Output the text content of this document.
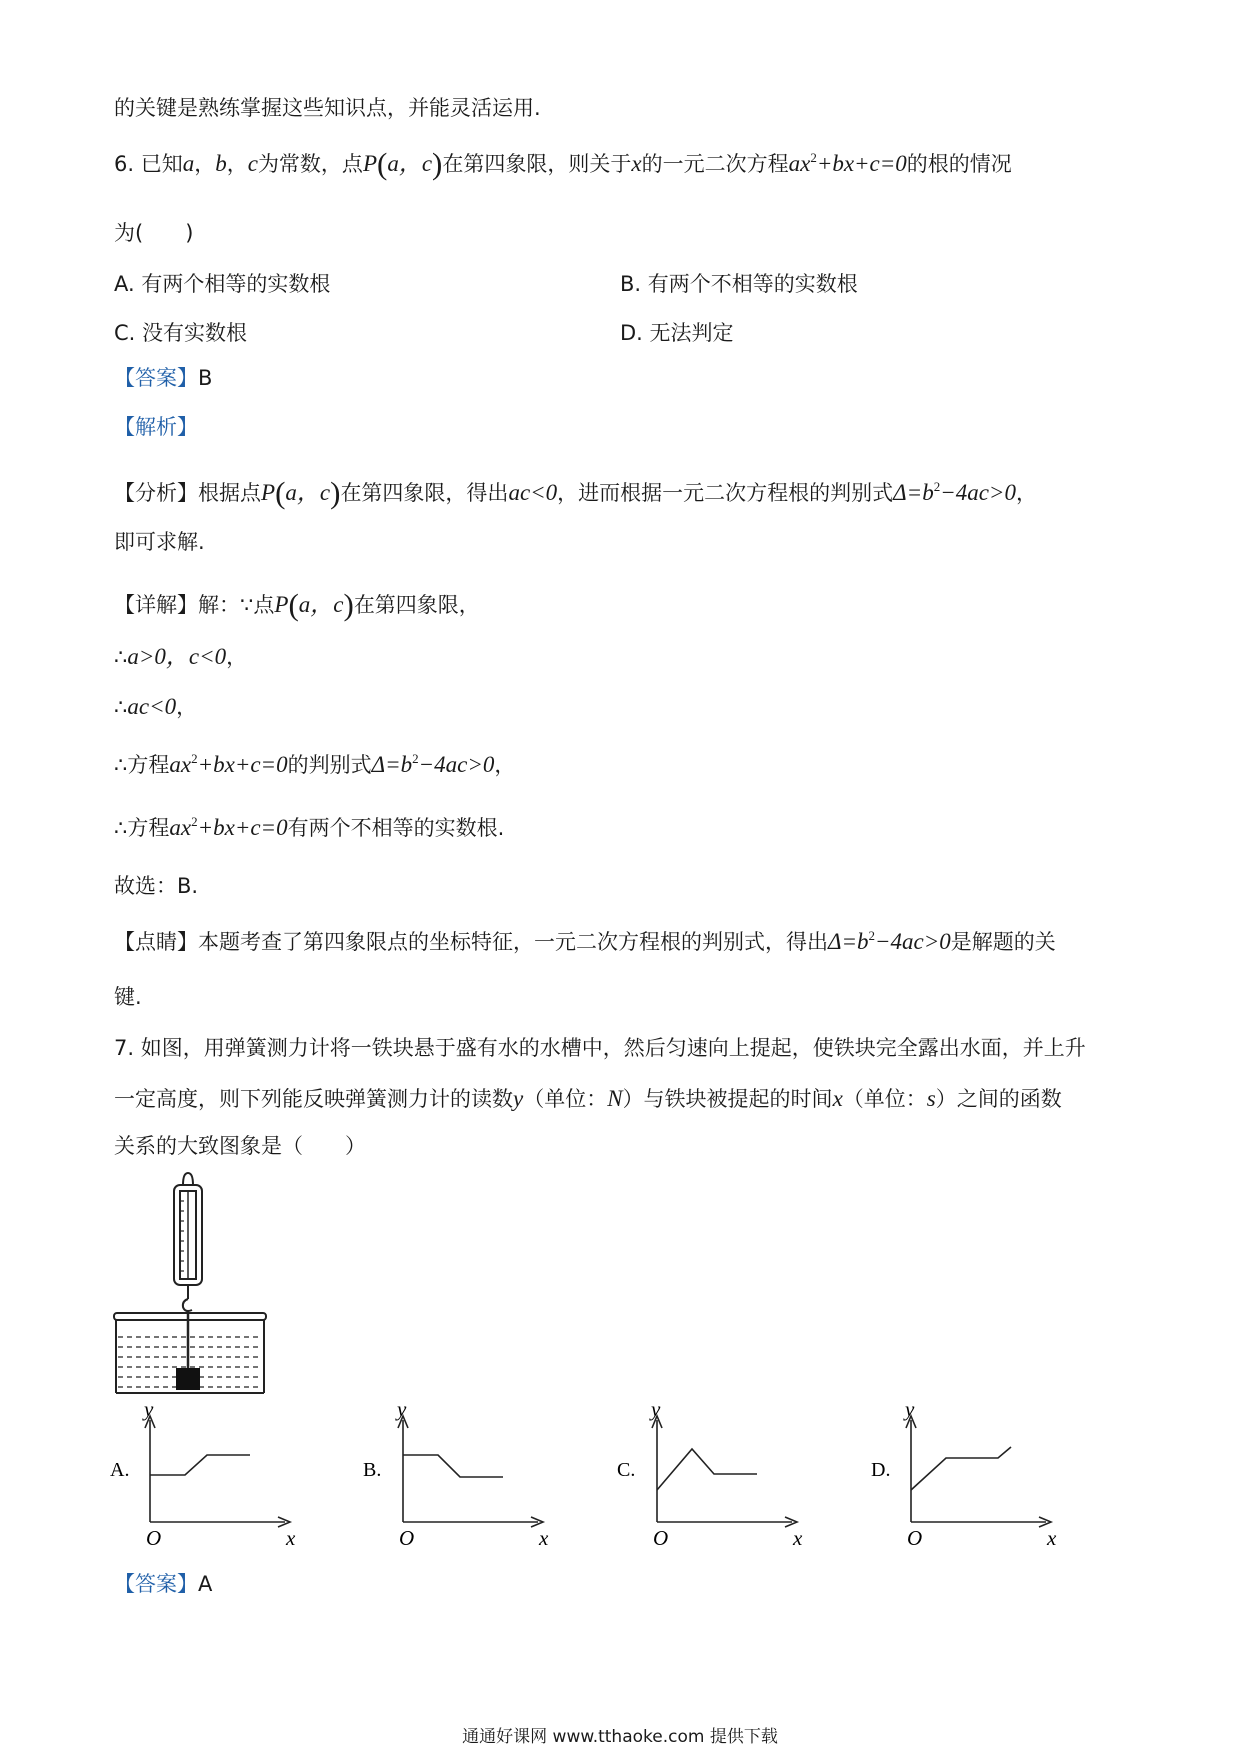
的关键是熟练掌握这些知识点，并能灵活运用.
6. 已知a，b，c为常数，点P(a，c)在第四象限，则关于x的一元二次方程$ax^2+bx+c=0$的根的情况
为(　　)
A. 有两个相等的实数根	B. 有两个不相等的实数根
C. 没有实数根	D. 无法判定
【答案】B
【解析】
【分析】根据点P(a，c)在第四象限，得出ac<0，进而根据一元二次方程根的判别式$\Delta=b^2-4ac>0$，
即可求解.
【详解】解：∵点P(a，c)在第四象限，
∴a>0，c<0，
∴ac<0，
∴方程$ax^2+bx+c=0$的判别式$\Delta=b^2-4ac>0$，
∴方程$ax^2+bx+c=0$有两个不相等的实数根.
故选：B.
【点睛】本题考查了第四象限点的坐标特征，一元二次方程根的判别式，得出$\Delta=b^2-4ac>0$是解题的关
键.
7. 如图，用弹簧测力计将一铁块悬于盛有水的水槽中，然后匀速向上提起，使铁块完全露出水面，并上升
一定高度，则下列能反映弹簧测力计的读数y（单位：N）与铁块被提起的时间x（单位：s）之间的函数
关系的大致图象是（　　）
A.
y
x
O
B.
y
x
O
C.
y
x
O
D.
y
x
O
【答案】A
通通好课网 www.tthaoke.com 提供下载
